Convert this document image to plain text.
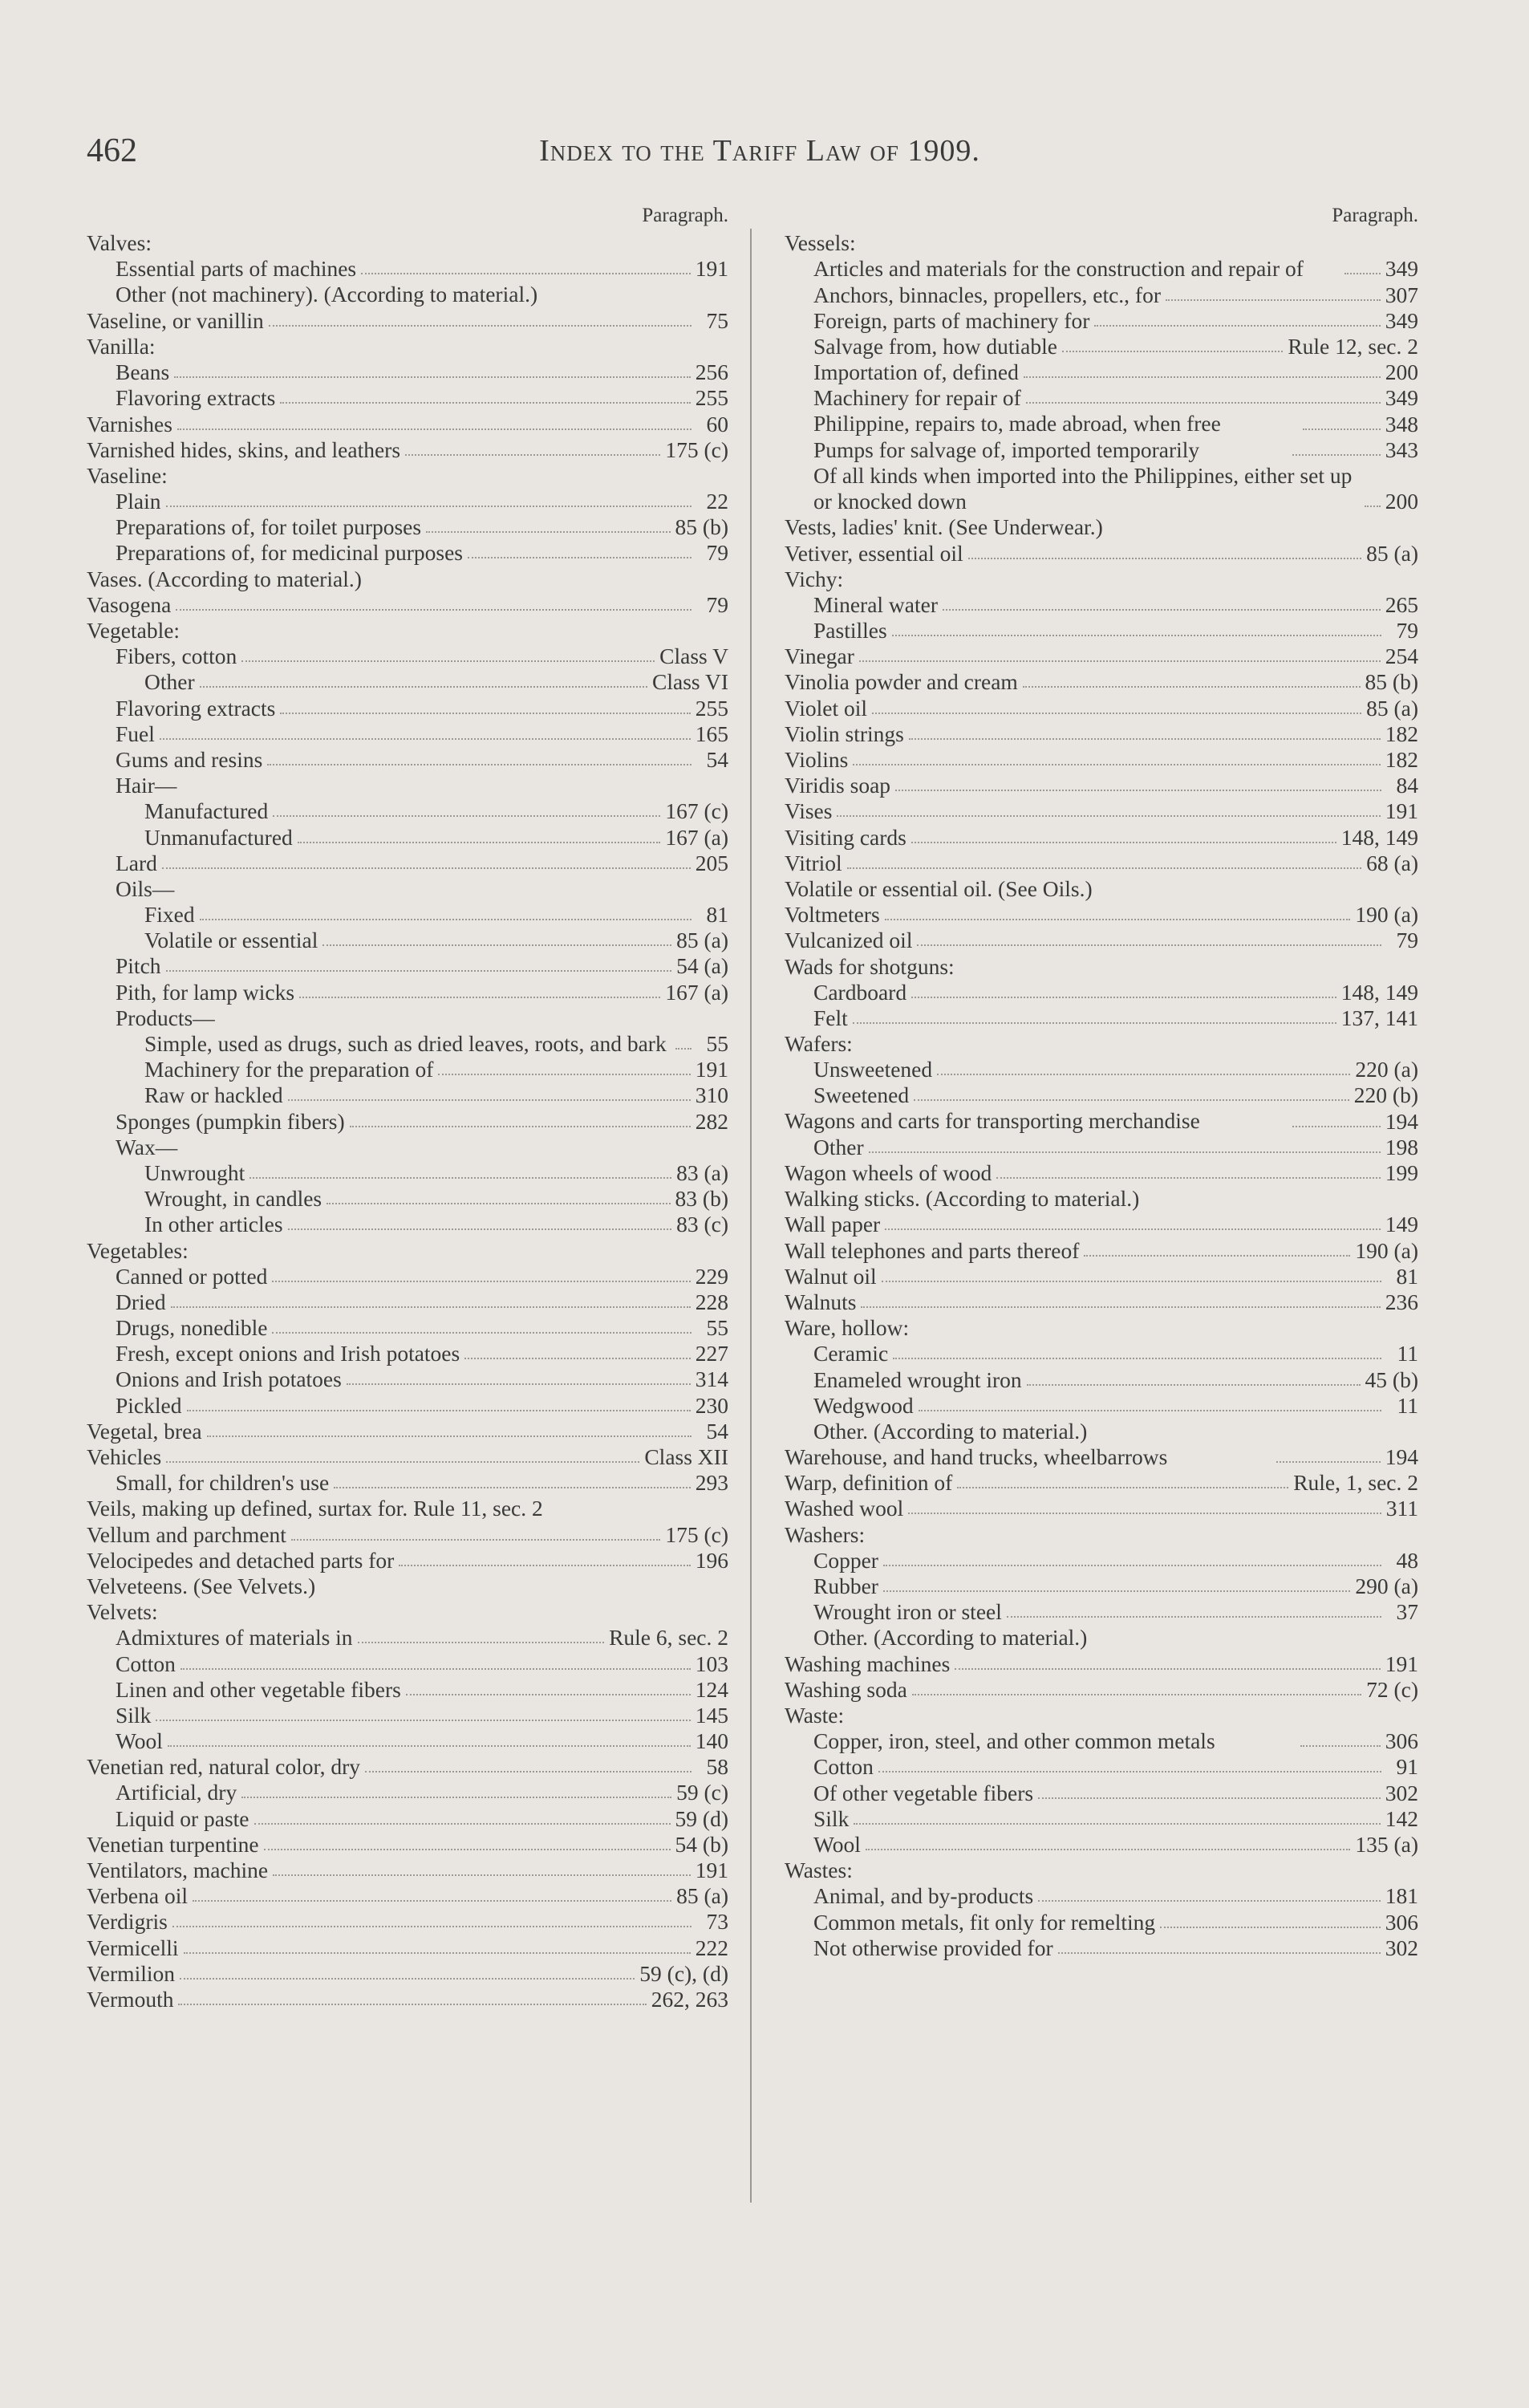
462	Index to the Tariff Law of 1909.
Paragraph.
Valves:
Essential parts of machines	191
Other (not machinery). (According to material.)
Vaseline, or vanillin	75
Vanilla:
Beans	256
Flavoring extracts	255
Varnishes	60
Varnished hides, skins, and leathers	175 (c)
Vaseline:
Plain	22
Preparations of, for toilet purposes	85 (b)
Preparations of, for medicinal purposes	79
Vases. (According to material.)
Vasogena	79
Vegetable:
Fibers, cotton	Class V
Other	Class VI
Flavoring extracts	255
Fuel	165
Gums and resins	54
Hair—
Manufactured	167 (c)
Unmanufactured	167 (a)
Lard	205
Oils—
Fixed	81
Volatile or essential	85 (a)
Pitch	54 (a)
Pith, for lamp wicks	167 (a)
Products—
Simple, used as drugs, such as dried leaves, roots, and bark	55
Machinery for the preparation of	191
Raw or hackled	310
Sponges (pumpkin fibers)	282
Wax—
Unwrought	83 (a)
Wrought, in candles	83 (b)
In other articles	83 (c)
Vegetables:
Canned or potted	229
Dried	228
Drugs, nonedible	55
Fresh, except onions and Irish potatoes	227
Onions and Irish potatoes	314
Pickled	230
Vegetal, brea	54
Vehicles	Class XII
Small, for children's use	293
Veils, making up defined, surtax for. Rule 11, sec. 2
Vellum and parchment	175 (c)
Velocipedes and detached parts for	196
Velveteens. (See Velvets.)
Velvets:
Admixtures of materials in	Rule 6, sec. 2
Cotton	103
Linen and other vegetable fibers	124
Silk	145
Wool	140
Venetian red, natural color, dry	58
Artificial, dry	59 (c)
Liquid or paste	59 (d)
Venetian turpentine	54 (b)
Ventilators, machine	191
Verbena oil	85 (a)
Verdigris	73
Vermicelli	222
Vermilion	59 (c), (d)
Vermouth	262, 263
Paragraph.
Vessels:
Articles and materials for the construction and repair of	349
Anchors, binnacles, propellers, etc., for	307
Foreign, parts of machinery for	349
Salvage from, how dutiable	Rule 12, sec. 2
Importation of, defined	200
Machinery for repair of	349
Philippine, repairs to, made abroad, when free	348
Pumps for salvage of, imported temporarily	343
Of all kinds when imported into the Philippines, either set up or knocked down	200
Vests, ladies' knit. (See Underwear.)
Vetiver, essential oil	85 (a)
Vichy:
Mineral water	265
Pastilles	79
Vinegar	254
Vinolia powder and cream	85 (b)
Violet oil	85 (a)
Violin strings	182
Violins	182
Viridis soap	84
Vises	191
Visiting cards	148, 149
Vitriol	68 (a)
Volatile or essential oil. (See Oils.)
Voltmeters	190 (a)
Vulcanized oil	79
Wads for shotguns:
Cardboard	148, 149
Felt	137, 141
Wafers:
Unsweetened	220 (a)
Sweetened	220 (b)
Wagons and carts for transporting merchandise	194
Other	198
Wagon wheels of wood	199
Walking sticks. (According to material.)
Wall paper	149
Wall telephones and parts thereof	190 (a)
Walnut oil	81
Walnuts	236
Ware, hollow:
Ceramic	11
Enameled wrought iron	45 (b)
Wedgwood	11
Other. (According to material.)
Warehouse, and hand trucks, wheelbarrows	194
Warp, definition of	Rule, 1, sec. 2
Washed wool	311
Washers:
Copper	48
Rubber	290 (a)
Wrought iron or steel	37
Other. (According to material.)
Washing machines	191
Washing soda	72 (c)
Waste:
Copper, iron, steel, and other common metals	306
Cotton	91
Of other vegetable fibers	302
Silk	142
Wool	135 (a)
Wastes:
Animal, and by-products	181
Common metals, fit only for remelting	306
Not otherwise provided for	302
